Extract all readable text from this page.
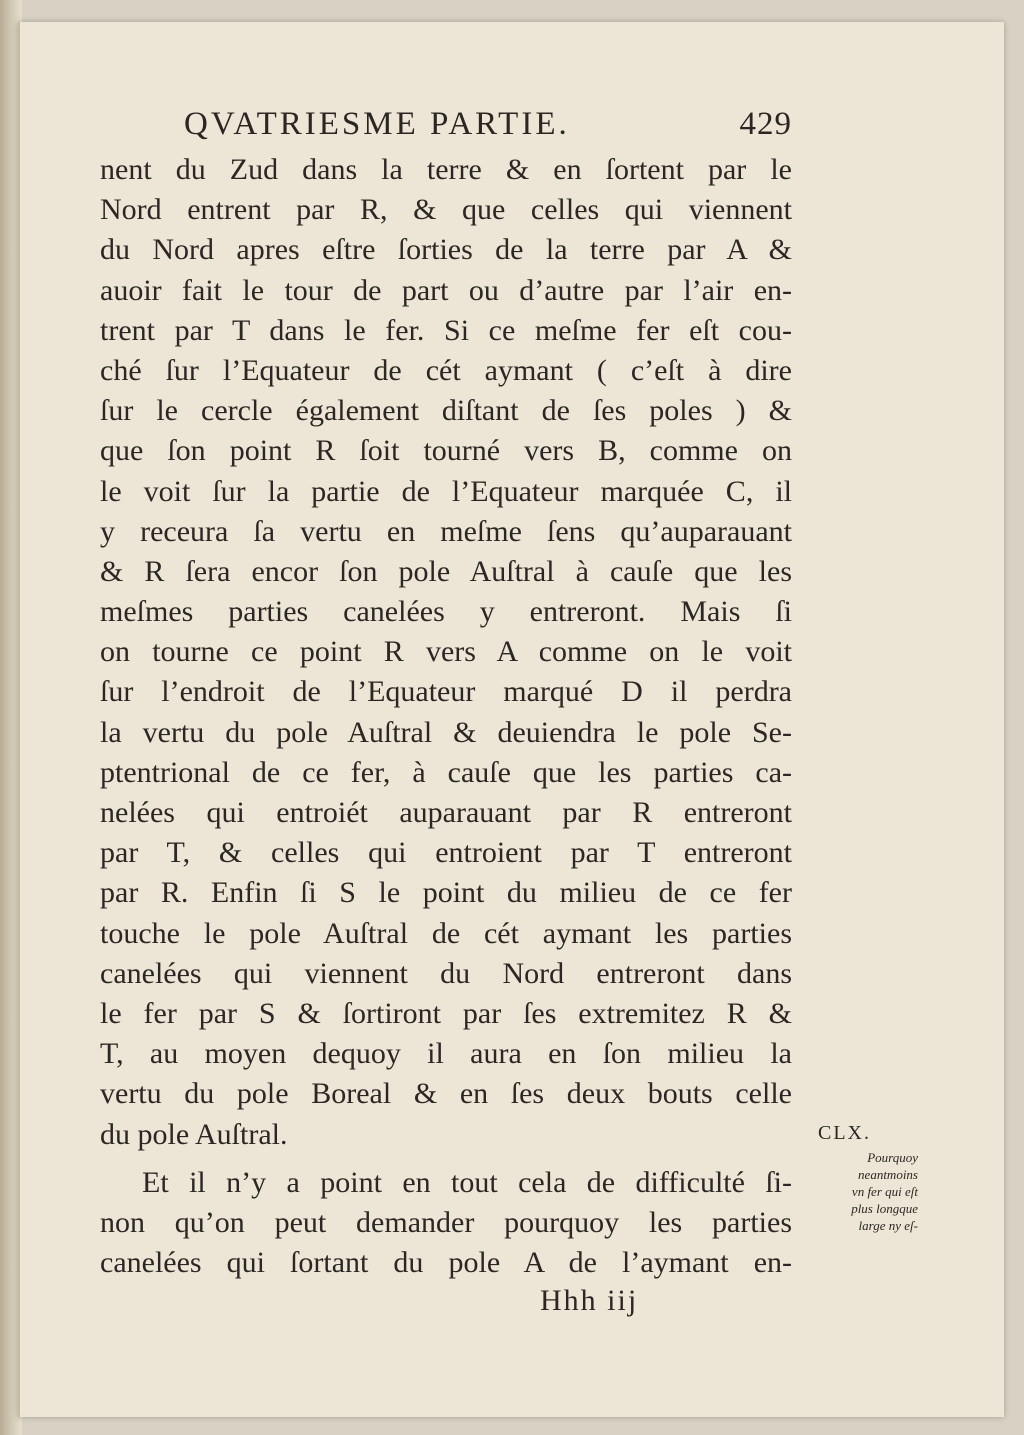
QVATRIESME PARTIE.	429
nent du Zud dans la terre & en ſortent par le
Nord entrent par R, & que celles qui viennent
du Nord apres eſtre ſorties de la terre par A &
auoir fait le tour de part ou d’autre par l’air en-
trent par T dans le fer. Si ce meſme fer eſt cou-
ché ſur l’Equateur de cét aymant ( c’eſt à dire
ſur le cercle également diſtant de ſes poles ) &
que ſon point R ſoit tourné vers B, comme on
le voit ſur la partie de l’Equateur marquée C, il
y receura ſa vertu en meſme ſens qu’auparauant
& R ſera encor ſon pole Auſtral à cauſe que les
meſmes parties canelées y entreront. Mais ſi
on tourne ce point R vers A comme on le voit
ſur l’endroit de l’Equateur marqué D il perdra
la vertu du pole Auſtral & deuiendra le pole Se-
ptentrional de ce fer, à cauſe que les parties ca-
nelées qui entroiét auparauant par R entreront
par T, & celles qui entroient par T entreront
par R. Enfin ſi S le point du milieu de ce fer
touche le pole Auſtral de cét aymant les parties
canelées qui viennent du Nord entreront dans
le fer par S & ſortiront par ſes extremitez R &
T, au moyen dequoy il aura en ſon milieu la
vertu du pole Boreal & en ſes deux bouts celle
du pole Auſtral.
Et il n’y a point en tout cela de difficulté ſi-
non qu’on peut demander pourquoy les parties
canelées qui ſortant du pole A de l’aymant en-
Hhh iij
CLX.
Pourquoy
neantmoins
vn fer qui eſt
plus longque
large ny eſ-
